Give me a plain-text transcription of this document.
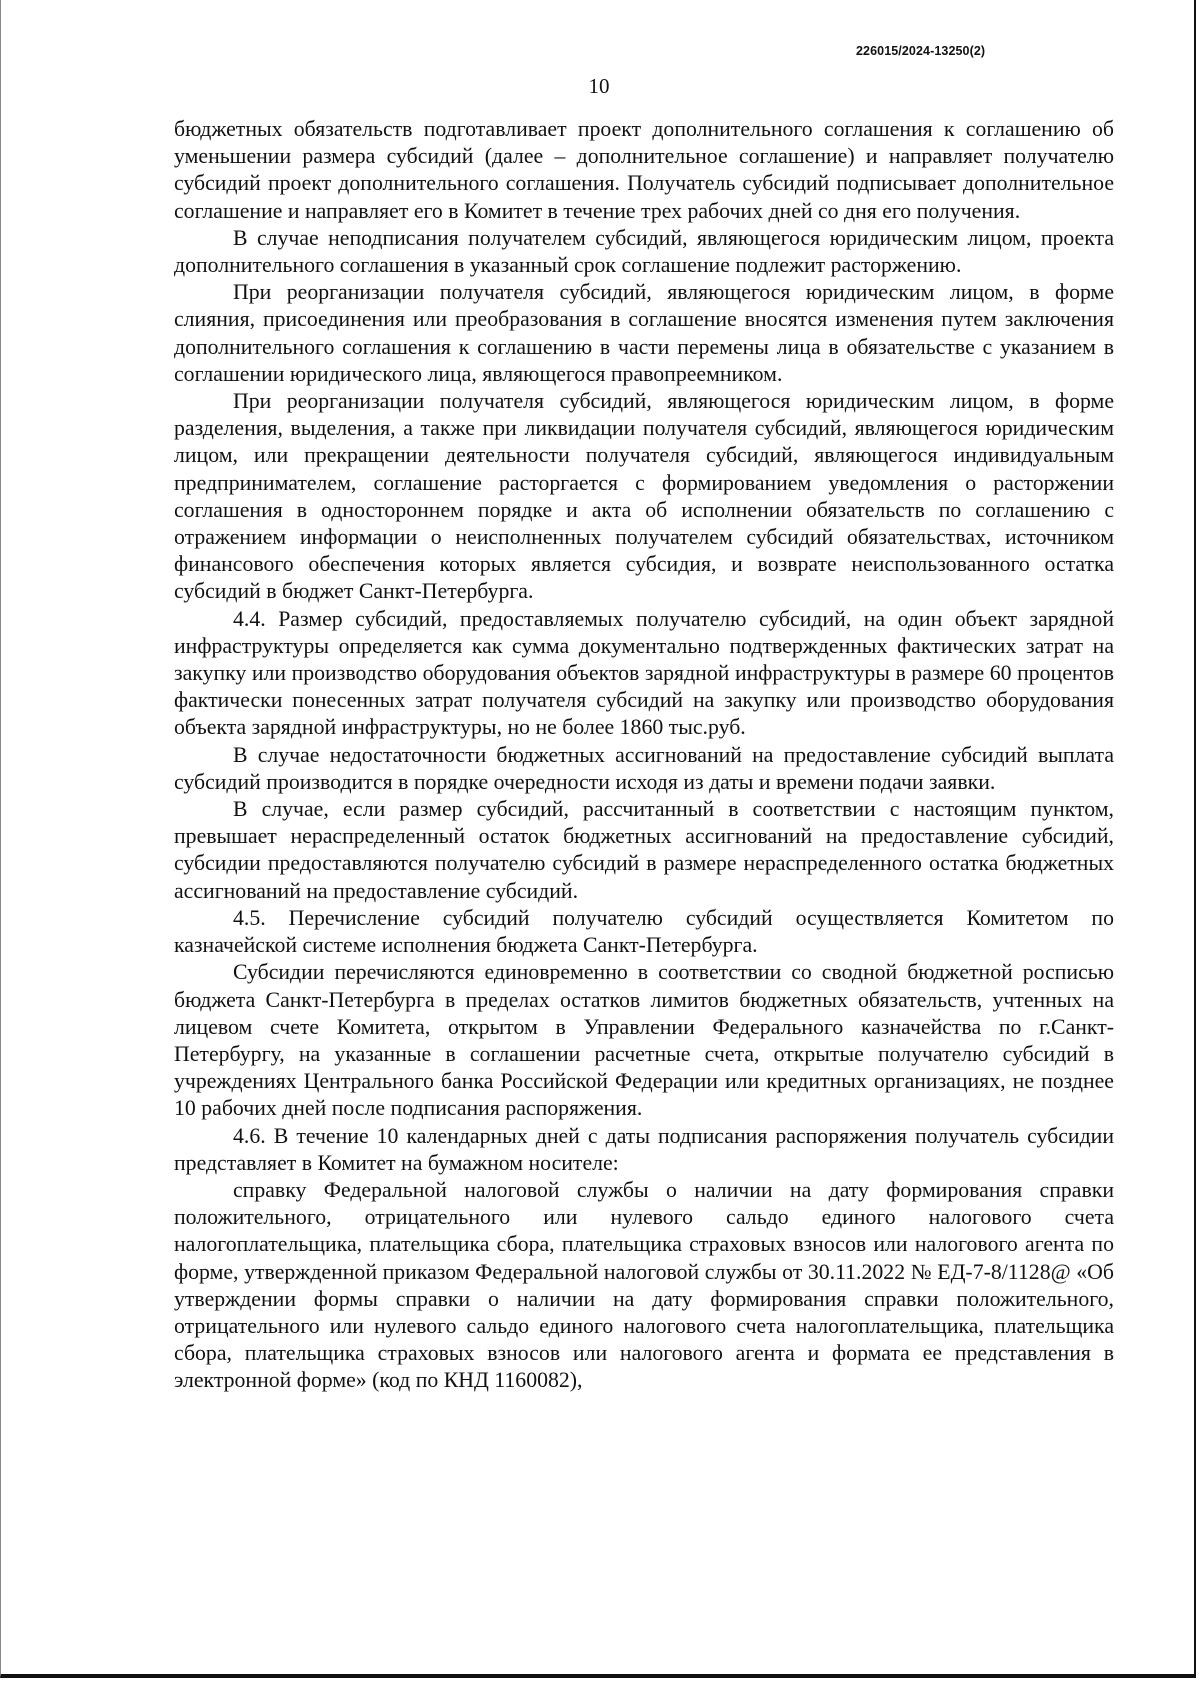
226015/2024-13250(2)
10

бюджетных обязательств подготавливает проект дополнительного соглашения к соглашению об уменьшении размера субсидий (далее – дополнительное соглашение) и направляет получателю субсидий проект дополнительного соглашения. Получатель субсидий подписывает дополнительное соглашение и направляет его в Комитет в течение трех рабочих дней со дня его получения.

В случае неподписания получателем субсидий, являющегося юридическим лицом, проекта дополнительного соглашения в указанный срок соглашение подлежит расторжению.

При реорганизации получателя субсидий, являющегося юридическим лицом, в форме слияния, присоединения или преобразования в соглашение вносятся изменения путем заключения дополнительного соглашения к соглашению в части перемены лица в обязательстве с указанием в соглашении юридического лица, являющегося правопреемником.

При реорганизации получателя субсидий, являющегося юридическим лицом, в форме разделения, выделения, а также при ликвидации получателя субсидий, являющегося юридическим лицом, или прекращении деятельности получателя субсидий, являющегося индивидуальным предпринимателем, соглашение расторгается с формированием уведомления о расторжении соглашения в одностороннем порядке и акта об исполнении обязательств по соглашению с отражением информации о неисполненных получателем субсидий обязательствах, источником финансового обеспечения которых является субсидия, и возврате неиспользованного остатка субсидий в бюджет Санкт-Петербурга.

4.4. Размер субсидий, предоставляемых получателю субсидий, на один объект зарядной инфраструктуры определяется как сумма документально подтвержденных фактических затрат на закупку или производство оборудования объектов зарядной инфраструктуры в размере 60 процентов фактически понесенных затрат получателя субсидий на закупку или производство оборудования объекта зарядной инфраструктуры, но не более 1860 тыс.руб.

В случае недостаточности бюджетных ассигнований на предоставление субсидий выплата субсидий производится в порядке очередности исходя из даты и времени подачи заявки.

В случае, если размер субсидий, рассчитанный в соответствии с настоящим пунктом, превышает нераспределенный остаток бюджетных ассигнований на предоставление субсидий, субсидии предоставляются получателю субсидий в размере нераспределенного остатка бюджетных ассигнований на предоставление субсидий.

4.5. Перечисление субсидий получателю субсидий осуществляется Комитетом по казначейской системе исполнения бюджета Санкт-Петербурга.

Субсидии перечисляются единовременно в соответствии со сводной бюджетной росписью бюджета Санкт-Петербурга в пределах остатков лимитов бюджетных обязательств, учтенных на лицевом счете Комитета, открытом в Управлении Федерального казначейства по г.Санкт-Петербургу, на указанные в соглашении расчетные счета, открытые получателю субсидий в учреждениях Центрального банка Российской Федерации или кредитных организациях, не позднее 10 рабочих дней после подписания распоряжения.

4.6. В течение 10 календарных дней с даты подписания распоряжения получатель субсидии представляет в Комитет на бумажном носителе:

справку Федеральной налоговой службы о наличии на дату формирования справки положительного, отрицательного или нулевого сальдо единого налогового счета налогоплательщика, плательщика сбора, плательщика страховых взносов или налогового агента по форме, утвержденной приказом Федеральной налоговой службы от 30.11.2022 № ЕД-7-8/1128@ «Об утверждении формы справки о наличии на дату формирования справки положительного, отрицательного или нулевого сальдо единого налогового счета налогоплательщика, плательщика сбора, плательщика страховых взносов или налогового агента и формата ее представления в электронной форме» (код по КНД 1160082),
